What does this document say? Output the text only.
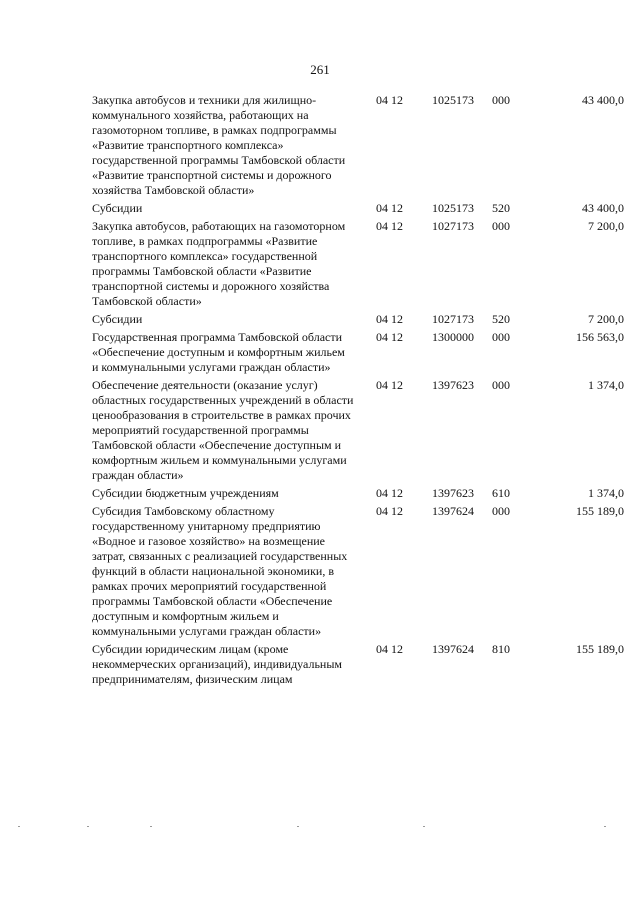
261
Закупка автобусов и техники для жилищно-коммунального хозяйства, работающих на газомоторном топливе, в рамках подпрограммы «Развитие транспортного комплекса» государственной программы Тамбовской области «Развитие транспортной системы и дорожного хозяйства Тамбовской области»	04 12	1025173	000	43 400,0
Субсидии	04 12	1025173	520	43 400,0
Закупка автобусов, работающих на газомоторном топливе, в рамках подпрограммы «Развитие транспортного комплекса» государственной программы Тамбовской области «Развитие транспортной системы и дорожного хозяйства Тамбовской области»	04 12	1027173	000	7 200,0
Субсидии	04 12	1027173	520	7 200,0
Государственная программа Тамбовской области «Обеспечение доступным и комфортным жильем и коммунальными услугами граждан области»	04 12	1300000	000	156 563,0
Обеспечение деятельности (оказание услуг) областных государственных учреждений в области ценообразования в строительстве в рамках прочих мероприятий государственной программы Тамбовской области «Обеспечение доступным и комфортным жильем и коммунальными услугами граждан области»	04 12	1397623	000	1 374,0
Субсидии бюджетным учреждениям	04 12	1397623	610	1 374,0
Субсидия Тамбовскому областному государственному унитарному предприятию «Водное и газовое хозяйство» на возмещение затрат, связанных с реализацией государственных функций в области национальной экономики, в рамках прочих мероприятий государственной программы Тамбовской области «Обеспечение доступным и комфортным жильем и коммунальными услугами граждан области»	04 12	1397624	000	155 189,0
Субсидии юридическим лицам (кроме некоммерческих организаций), индивидуальным предпринимателям, физическим лицам	04 12	1397624	810	155 189,0
